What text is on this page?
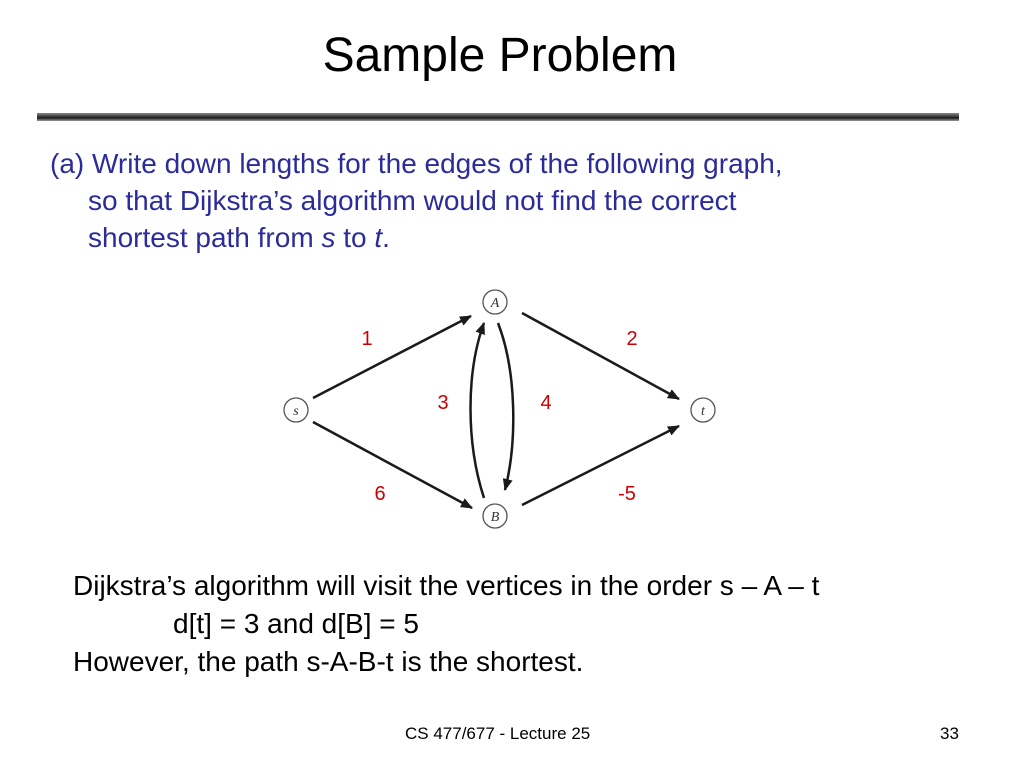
Sample Problem
(a) Write down lengths for the edges of the following graph,
so that Dijkstra’s algorithm would not find the correct
shortest path from s to t.
A
s	t
B
1	2
3	4
6	-5
Dijkstra’s algorithm will visit the vertices in the order s – A – t
d[t] = 3 and d[B] = 5
However, the path s-A-B-t is the shortest.
CS 477/677 - Lecture 25	33
